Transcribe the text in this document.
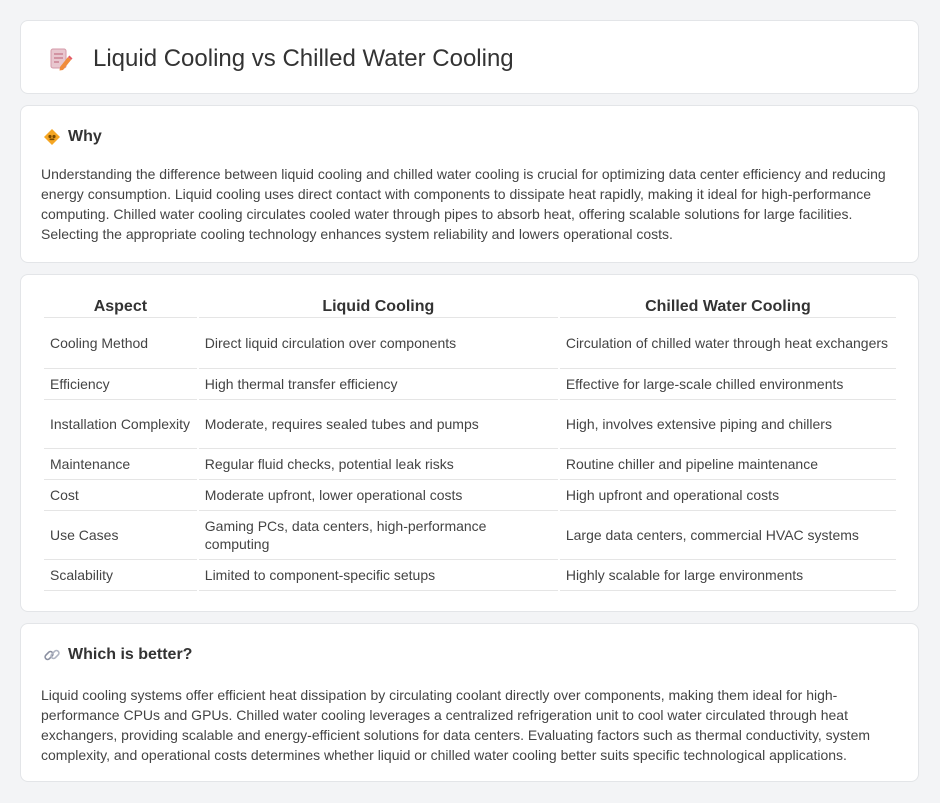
Liquid Cooling vs Chilled Water Cooling
Why

Understanding the difference between liquid cooling and chilled water cooling is crucial for optimizing data center efficiency and reducing energy consumption. Liquid cooling uses direct contact with components to dissipate heat rapidly, making it ideal for high-performance computing. Chilled water cooling circulates cooled water through pipes to absorb heat, offering scalable solutions for large facilities. Selecting the appropriate cooling technology enhances system reliability and lowers operational costs.

Aspect	Liquid Cooling	Chilled Water Cooling
Cooling Method	Direct liquid circulation over components	Circulation of chilled water through heat exchangers
Efficiency	High thermal transfer efficiency	Effective for large-scale chilled environments
Installation Complexity	Moderate, requires sealed tubes and pumps	High, involves extensive piping and chillers
Maintenance	Regular fluid checks, potential leak risks	Routine chiller and pipeline maintenance
Cost	Moderate upfront, lower operational costs	High upfront and operational costs
Use Cases	Gaming PCs, data centers, high-performance computing	Large data centers, commercial HVAC systems
Scalability	Limited to component-specific setups	Highly scalable for large environments
Which is better?

Liquid cooling systems offer efficient heat dissipation by circulating coolant directly over components, making them ideal for high-performance CPUs and GPUs. Chilled water cooling leverages a centralized refrigeration unit to cool water circulated through heat exchangers, providing scalable and energy-efficient solutions for data centers. Evaluating factors such as thermal conductivity, system complexity, and operational costs determines whether liquid or chilled water cooling better suits specific technological applications.
